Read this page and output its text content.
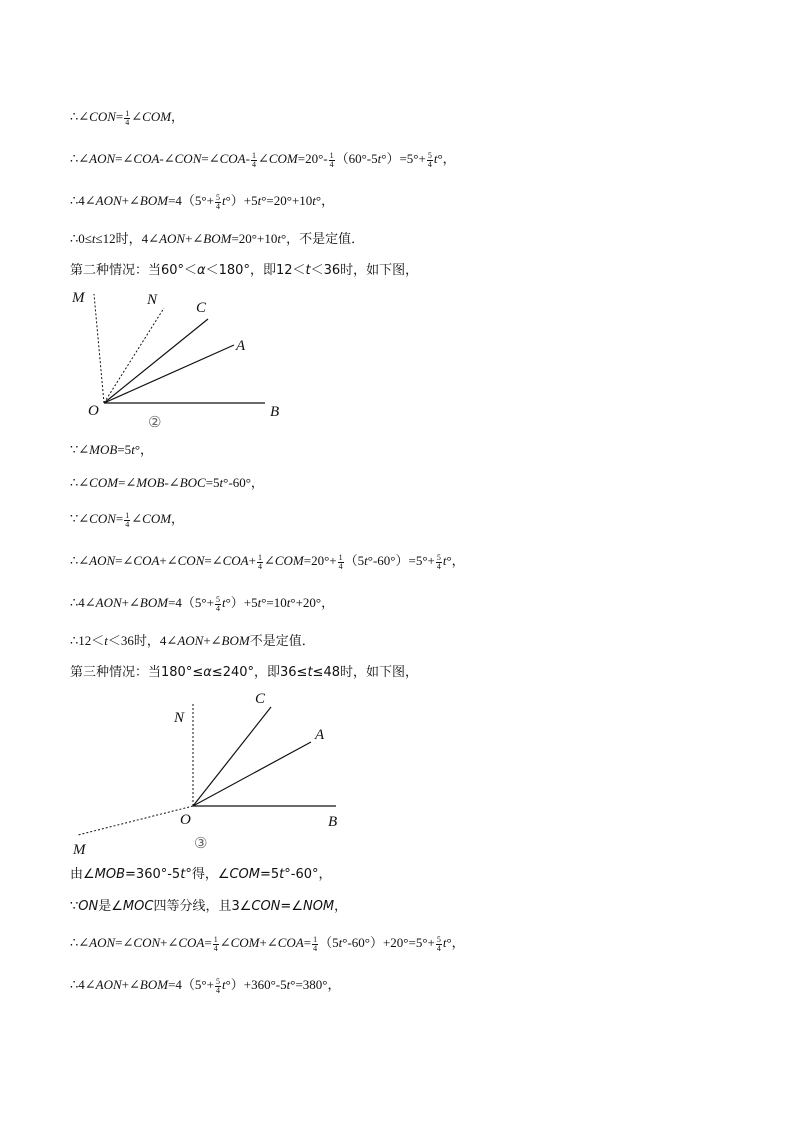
∴∠CON= $\frac{1}{4}$ ∠COM，
∴∠AON=∠COA-∠CON=∠COA- $\frac{1}{4}$ ∠COM=20°- $\frac{1}{4} (60^\circ-5t^\circ)=5^\circ+ \frac{5}{4} t^\circ$，
∴4∠AON+∠BOM=4（5°+ $\frac{5}{4} t^\circ)+5t^\circ=20^\circ+10t^\circ$，
∴0≤t≤12时，4∠AON+∠BOM=20°+10t°，不是定值．
第二种情况：当60°＜α＜180°，即12＜t＜36时，如下图，
M	N	C
A
O	B
②
∵∠MOB=5t°，
∴∠COM=∠MOB-∠BOC=5t°-60°，
∵∠CON= $\frac{1}{4}$ ∠COM，
∴∠AON=∠COA+∠CON=∠COA+ $\frac{1}{4}$ ∠COM=20°+ $\frac{1}{4} (5t^\circ-60^\circ)=5^\circ+ \frac{5}{4} t^\circ$，
∴4∠AON+∠BOM=4（5°+ $\frac{5}{4} t^\circ)+5t^\circ=10t^\circ+20^\circ$，
∴12＜t＜36时，4∠AON+∠BOM不是定值．
第三种情况：当180°≤α≤240°，即36≤t≤48时，如下图，
N
C
A
O	B
M	③
由∠MOB=360°-5t°得，∠COM=5t°-60°，
∵ON是∠MOC四等分线，且3∠CON=∠NOM，
∴∠AON=∠CON+∠COA= $\frac{1}{4}$ ∠COM+∠COA= $\frac{1}{4} (5t^\circ-60^\circ)+20^\circ=5^\circ+ \frac{5}{4} t^\circ$，
∴4∠AON+∠BOM=4（5°+ $\frac{5}{4} t^\circ)+360^\circ-5t^\circ=380^\circ$，
